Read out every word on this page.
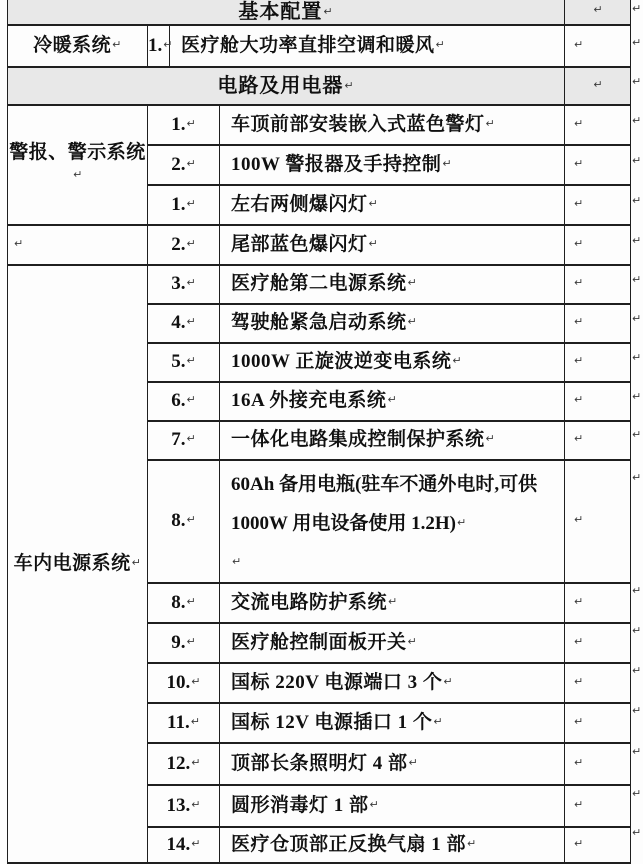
基本配置↵				↵
冷暖系统↵	1.↵	医疗舱大功率直排空调和暖风↵		↵
电路及用电器↵				↵
警报、警示系统↵	1.↵		车顶前部安装嵌入式蓝色警灯↵	↵
	2.↵		100W 警报器及手持控制↵	↵
	1.↵		左右两侧爆闪灯↵	↵
↵	2.↵		尾部蓝色爆闪灯↵	↵
车内电源系统↵	3.↵		医疗舱第二电源系统↵	↵
	4.↵		驾驶舱紧急启动系统↵	↵
	5.↵		1000W 正旋波逆变电系统↵	↵
	6.↵		16A 外接充电系统↵	↵
	7.↵		一体化电路集成控制保护系统↵	↵
	8.↵		60Ah 备用电瓶(驻车不通外电时,可供
1000W 用电设备使用 1.2H)↵
↵	↵
	8.↵		交流电路防护系统↵	↵
	9.↵		医疗舱控制面板开关↵	↵
	10.↵		国标 220V 电源端口 3 个↵	↵
	11.↵		国标 12V 电源插口 1 个↵	↵
	12.↵		顶部长条照明灯 4 部↵	↵
	13.↵		圆形消毒灯 1 部↵	↵
	14.↵		医疗仓顶部正反换气扇 1 部↵	↵
↵
↵
↵
↵
↵
↵
↵
↵
↵
↵
↵
↵
↵
↵
↵
↵
↵
↵
↵
↵
